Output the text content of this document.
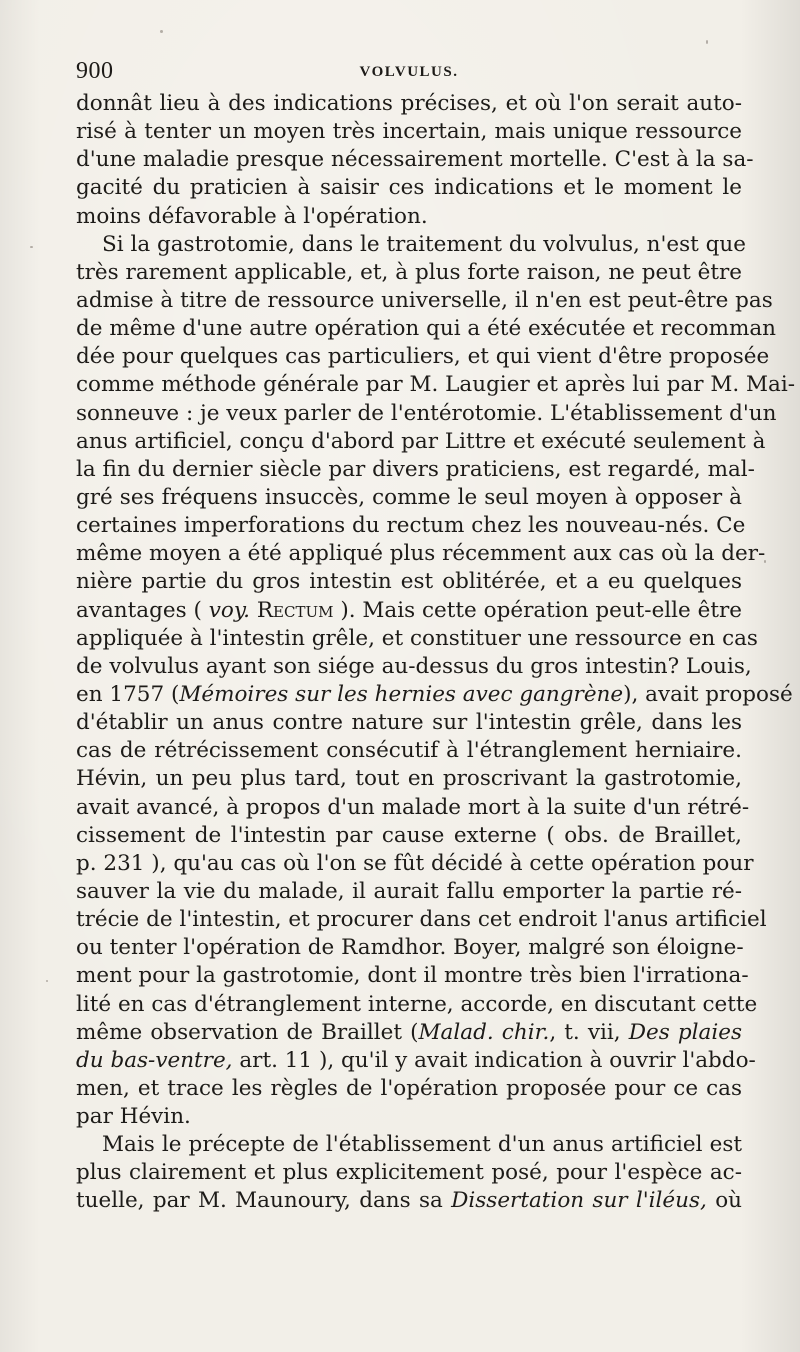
900	VOLVULUS.
donnât lieu à des indications précises, et où l'on serait auto-
risé à tenter un moyen très incertain, mais unique ressource
d'une maladie presque nécessairement mortelle. C'est à la sa-
gacité du praticien à saisir ces indications et le moment le
moins défavorable à l'opération.
Si la gastrotomie, dans le traitement du volvulus, n'est que
très rarement applicable, et, à plus forte raison, ne peut être
admise à titre de ressource universelle, il n'en est peut-être pas
de même d'une autre opération qui a été exécutée et recomman
dée pour quelques cas particuliers, et qui vient d'être proposée
comme méthode générale par M. Laugier et après lui par M. Mai-
sonneuve : je veux parler de l'entérotomie. L'établissement d'un
anus artificiel, conçu d'abord par Littre et exécuté seulement à
la fin du dernier siècle par divers praticiens, est regardé, mal-
gré ses fréquens insuccès, comme le seul moyen à opposer à
certaines imperforations du rectum chez les nouveau-nés. Ce
même moyen a été appliqué plus récemment aux cas où la der-
nière partie du gros intestin est oblitérée, et a eu quelques
avantages ( voy. Rectum ). Mais cette opération peut-elle être
appliquée à l'intestin grêle, et constituer une ressource en cas
de volvulus ayant son siége au-dessus du gros intestin? Louis,
en 1757 (Mémoires sur les hernies avec gangrène), avait proposé
d'établir un anus contre nature sur l'intestin grêle, dans les
cas de rétrécissement consécutif à l'étranglement herniaire.
Hévin, un peu plus tard, tout en proscrivant la gastrotomie,
avait avancé, à propos d'un malade mort à la suite d'un rétré-
cissement de l'intestin par cause externe ( obs. de Braillet,
p. 231 ), qu'au cas où l'on se fût décidé à cette opération pour
sauver la vie du malade, il aurait fallu emporter la partie ré-
trécie de l'intestin, et procurer dans cet endroit l'anus artificiel
ou tenter l'opération de Ramdhor. Boyer, malgré son éloigne-
ment pour la gastrotomie, dont il montre très bien l'irrationa-
lité en cas d'étranglement interne, accorde, en discutant cette
même observation de Braillet (Malad. chir., t. vii, Des plaies
du bas-ventre, art. 11 ), qu'il y avait indication à ouvrir l'abdo-
men, et trace les règles de l'opération proposée pour ce cas
par Hévin.
Mais le précepte de l'établissement d'un anus artificiel est
plus clairement et plus explicitement posé, pour l'espèce ac-
tuelle, par M. Maunoury, dans sa Dissertation sur l'iléus, où
